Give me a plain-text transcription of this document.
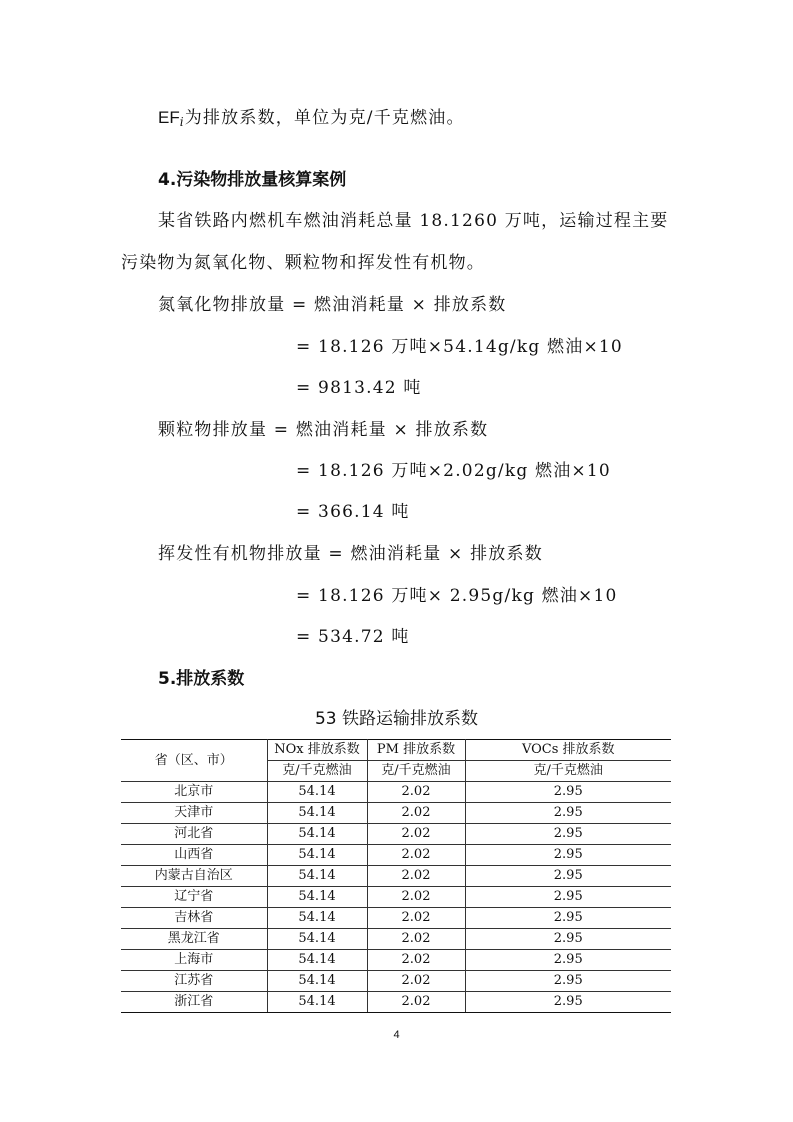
EFi为排放系数，单位为克/千克燃油。
4.污染物排放量核算案例
某省铁路内燃机车燃油消耗总量 18.1260 万吨，运输过程主要
污染物为氮氧化物、颗粒物和挥发性有机物。
氮氧化物排放量 = 燃油消耗量 × 排放系数
= 18.126 万吨×54.14g/kg 燃油×10
= 9813.42 吨
颗粒物排放量 = 燃油消耗量 × 排放系数
= 18.126 万吨×2.02g/kg 燃油×10
= 366.14 吨
挥发性有机物排放量 = 燃油消耗量 × 排放系数
= 18.126 万吨× 2.95g/kg 燃油×10
= 534.72 吨
5.排放系数
53 铁路运输排放系数
省（区、市）	NOx 排放系数	PM 排放系数	VOCs 排放系数
	克/千克燃油	克/千克燃油	克/千克燃油
北京市	54.14	2.02	2.95
天津市	54.14	2.02	2.95
河北省	54.14	2.02	2.95
山西省	54.14	2.02	2.95
内蒙古自治区	54.14	2.02	2.95
辽宁省	54.14	2.02	2.95
吉林省	54.14	2.02	2.95
黑龙江省	54.14	2.02	2.95
上海市	54.14	2.02	2.95
江苏省	54.14	2.02	2.95
浙江省	54.14	2.02	2.95
4
